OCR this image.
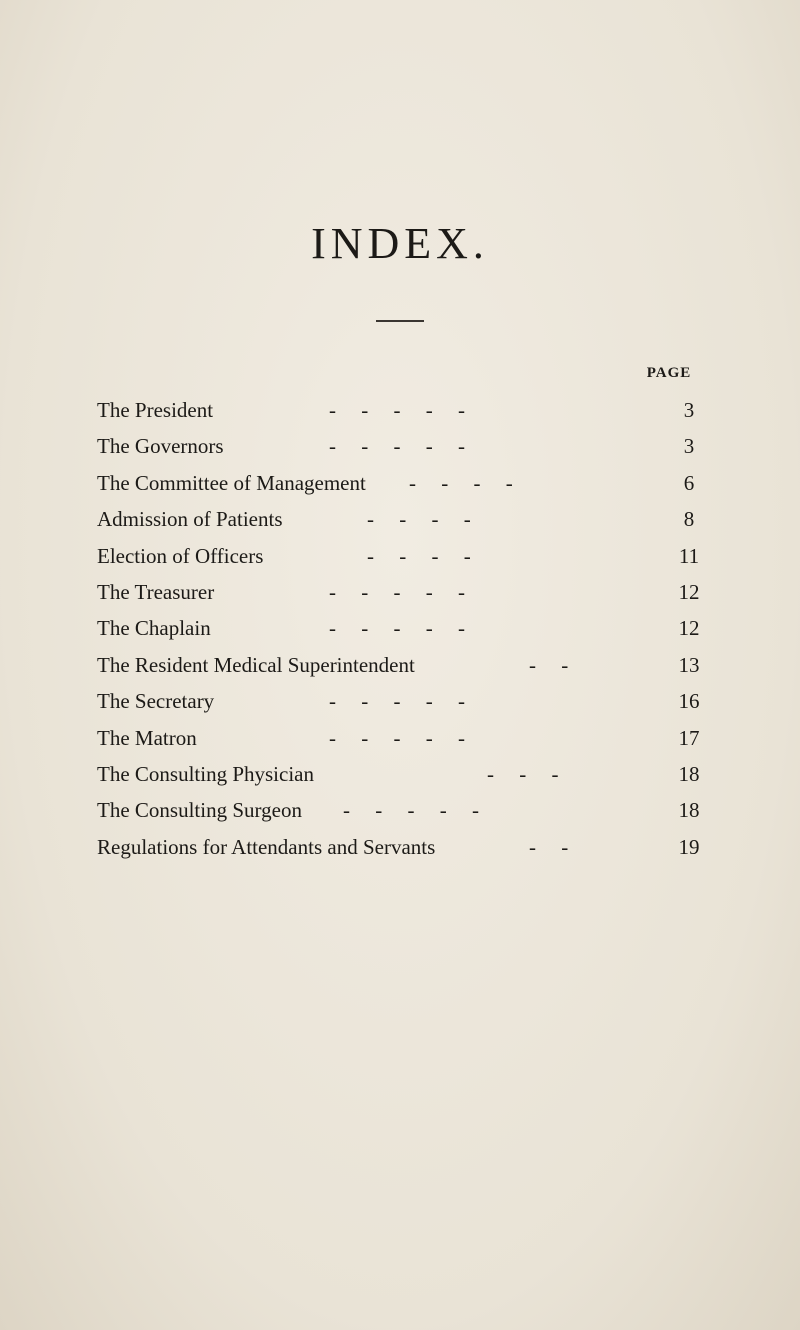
INDEX.
PAGE
The President	- - - - -	3
The Governors	- - - - -	3
The Committee of Management - - - -	6
Admission of Patients	- - - -	8
Election of Officers	- - - -	11
The Treasurer	- - - - -	12
The Chaplain	- - - - -	12
The Resident Medical Superintendent	- -	13
The Secretary	- - - - -	16
The Matron	- - - - -	17
The Consulting Physician	- - -	18
The Consulting Surgeon - - - - -	18
Regulations for Attendants and Servants	- -	19
